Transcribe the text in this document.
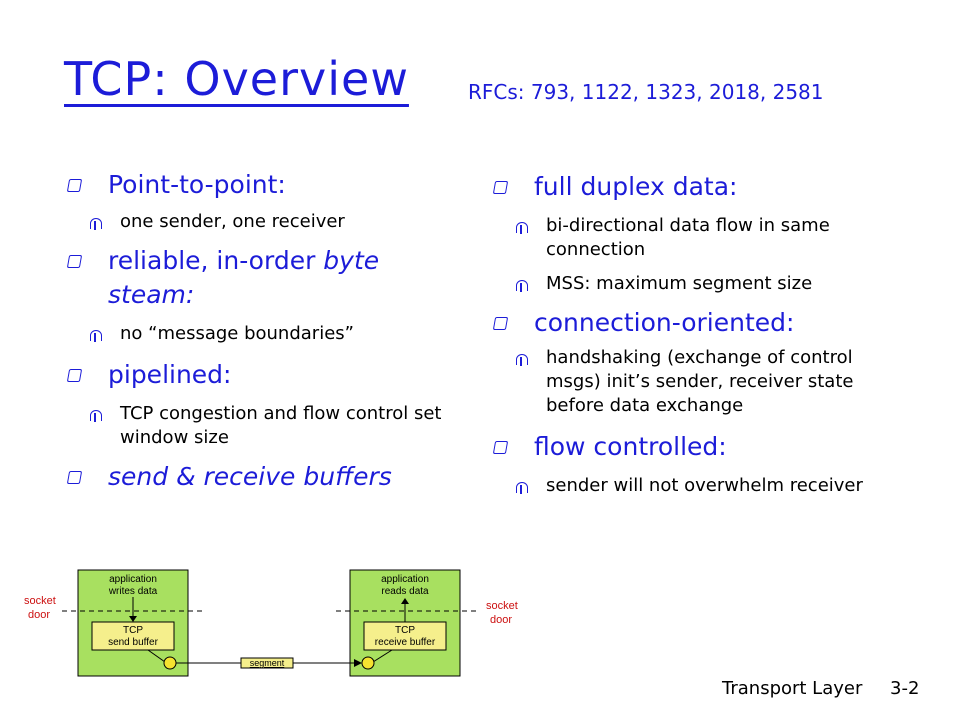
TCP: Overview	RFCs: 793, 1122, 1323, 2018, 2581
Point-to-point:
one sender, one receiver
reliable, in-order byte steam:
no “message boundaries”
pipelined:
TCP congestion and flow control set window size
send & receive buffers
full duplex data:
bi-directional data flow in same connection
MSS: maximum segment size
connection-oriented:
handshaking (exchange of control msgs) init’s sender, receiver state before data exchange
flow controlled:
sender will not overwhelm receiver
application
writes data
application
reads data
socket
door
socket
door
TCP
send buffer
TCP
receive buffer
segment
Transport Layer 3-2
